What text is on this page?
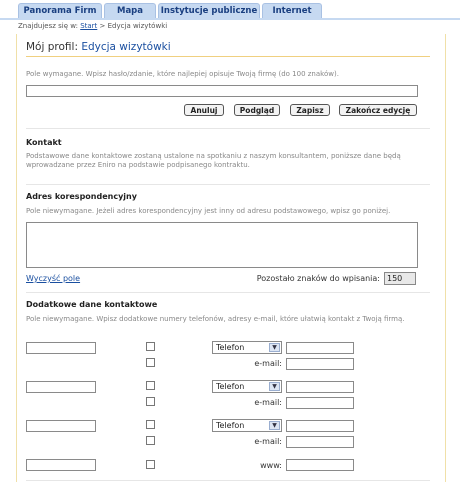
Panorama Firm	Mapa	Instytucje publiczne	Internet
Znajdujesz się w: Start > Edycja wizytówki
Mój profil: Edycja wizytówki
Pole wymagane. Wpisz hasło/zdanie, które najlepiej opisuje Twoją firmę (do 100 znaków).
Anuluj	Podgląd	Zapisz	Zakończ edycję
Kontakt
Podstawowe dane kontaktowe zostaną ustalone na spotkaniu z naszym konsultantem, poniższe dane będą wprowadzane przez Eniro na podstawie podpisanego kontraktu.
Adres korespondencyjny
Pole niewymagane. Jeżeli adres korespondencyjny jest inny od adresu podstawowego, wpisz go poniżej.
Wyczyść pole	Pozostało znaków do wpisania: 150
Dodatkowe dane kontaktowe
Pole niewymagane. Wpisz dodatkowe numery telefonów, adresy e-mail, które ułatwią kontakt z Twoją firmą.
Telefon	▼
e-mail:
Telefon	▼
e-mail:
Telefon	▼
e-mail:
www:
